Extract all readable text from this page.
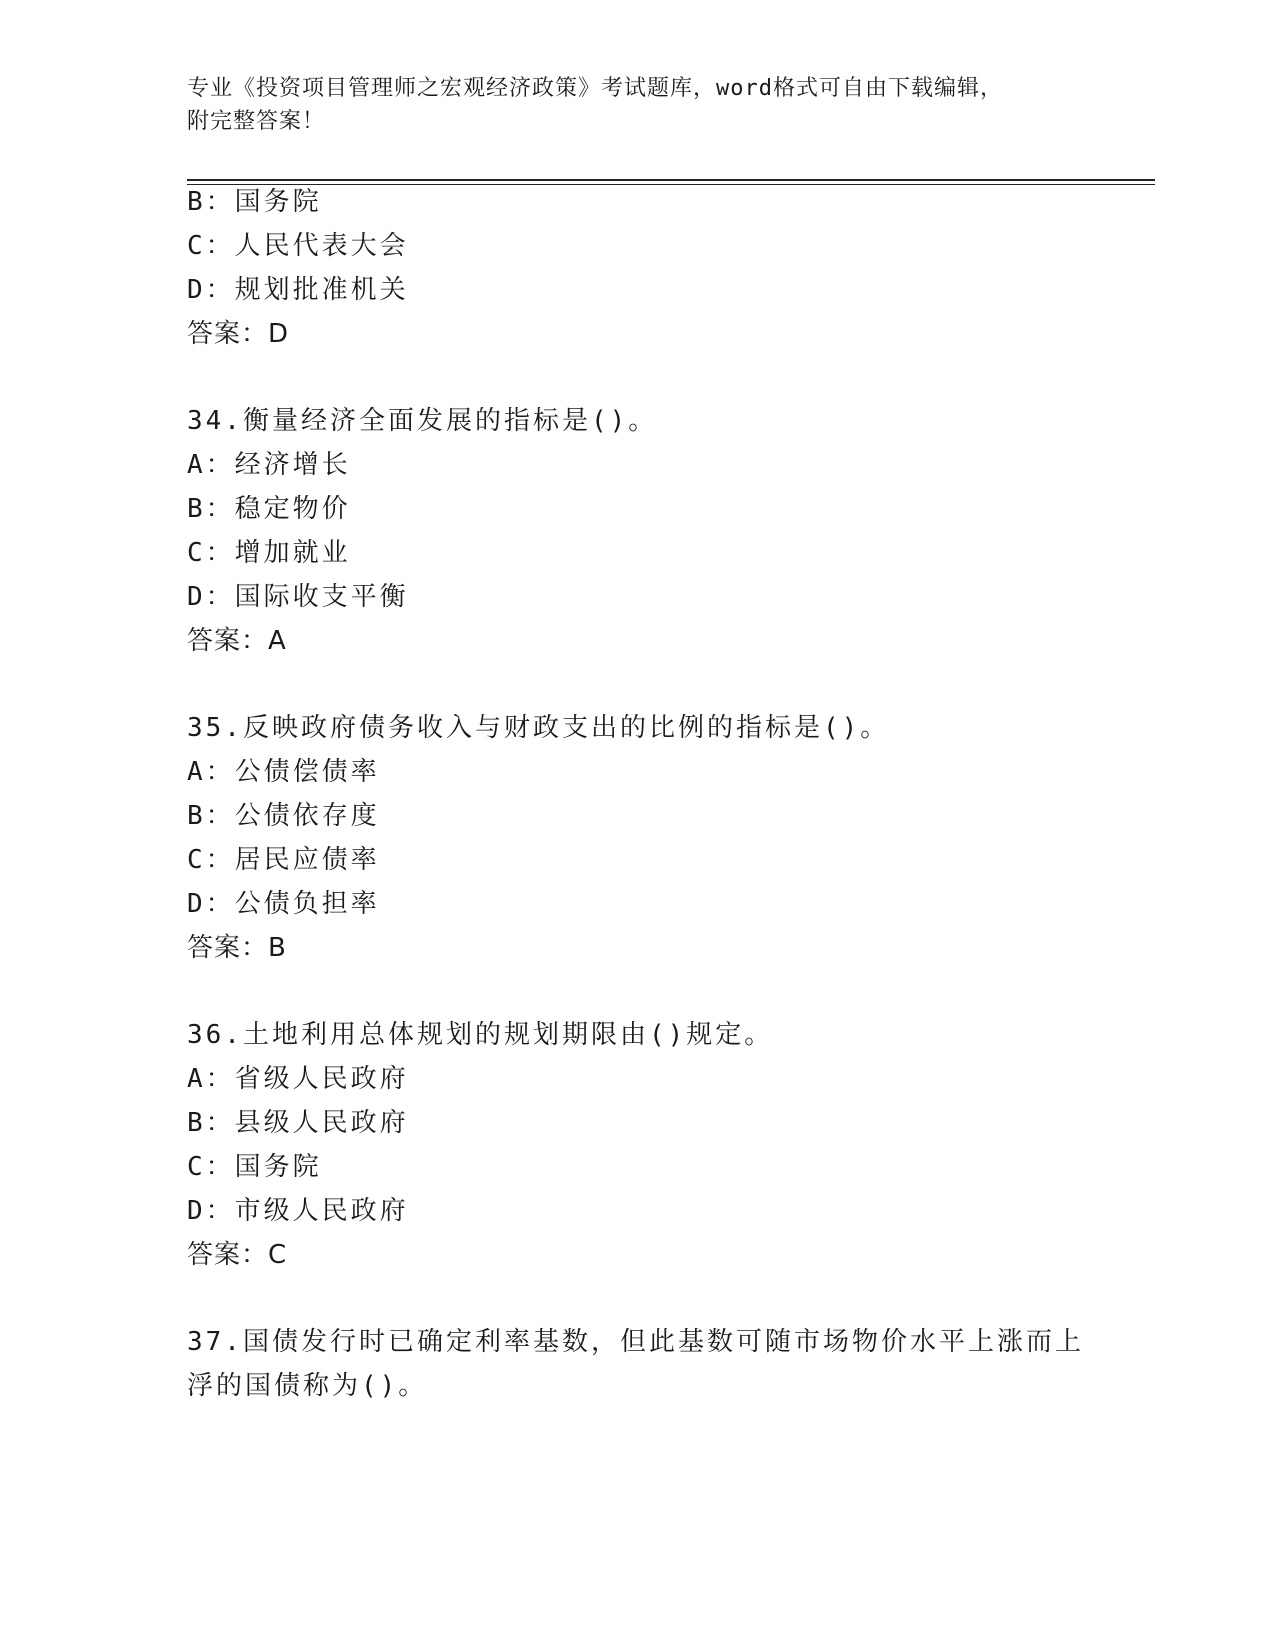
专业《投资项目管理师之宏观经济政策》考试题库，word格式可自由下载编辑，
附完整答案！
B：国务院
C：人民代表大会
D：规划批准机关
答案：D
34.衡量经济全面发展的指标是()。
A：经济增长
B：稳定物价
C：增加就业
D：国际收支平衡
答案：A
35.反映政府债务收入与财政支出的比例的指标是()。
A：公债偿债率
B：公债依存度
C：居民应债率
D：公债负担率
答案：B
36.土地利用总体规划的规划期限由()规定。
A：省级人民政府
B：县级人民政府
C：国务院
D：市级人民政府
答案：C
37.国债发行时已确定利率基数，但此基数可随市场物价水平上涨而上
浮的国债称为()。
